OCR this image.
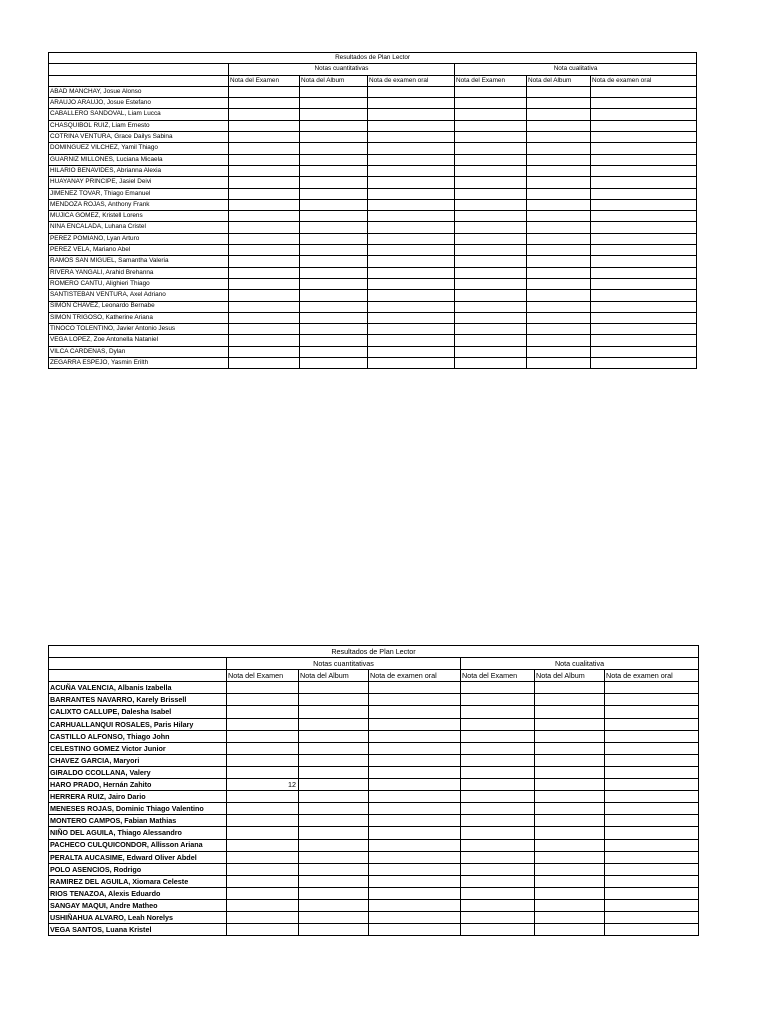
Resultados de Plan Lector						
	Notas cuantitativas			Nota cualitativa		
	Nota del Examen	Nota del Album	Nota de examen oral	Nota del Examen	Nota del Album	Nota de examen oral
ABAD MANCHAY, Josue Alonso						
ARAUJO ARAUJO, Josue Estefano						
CABALLERO SANDOVAL, Liam Lucca						
CHASQUIBOL RUIZ, Liam Ernesto						
COTRINA VENTURA, Grace Dailys Sabina						
DOMINGUEZ VILCHEZ, Yamil Thiago						
GUARNIZ MILLONES, Luciana Micaela						
HILARIO BENAVIDES, Abrianna Alexia						
HUAYANAY PRINCIPE, Jasiel Deivi						
JIMENEZ TOVAR, Thiago Emanuel						
MENDOZA ROJAS, Anthony Frank						
MUJICA GOMEZ, Kristell Lorens						
NINA ENCALADA, Luhana Cristel						
PEREZ POMIANO, Lyan Arturo						
PEREZ VELA, Mariano Abel						
RAMOS SAN MIGUEL, Samantha Valeria						
RIVERA YANGALI, Arahid Brehanna						
ROMERO CANTU, Alighieri Thiago						
SANTISTEBAN VENTURA, Axel Adriano						
SIMON CHAVEZ, Leonardo Bernabe						
SIMON TRIGOSO, Katherine Ariana						
TINOCO TOLENTINO, Javier Antonio Jesus						
VEGA LOPEZ, Zoe Antonella Nataniel						
VILCA CARDENAS, Dylan						
ZEGARRA ESPEJO, Yasmin Erilth						
Resultados de Plan Lector						
	Notas cuantitativas			Nota cualitativa		
	Nota del Examen	Nota del Album	Nota de examen oral	Nota del Examen	Nota del Album	Nota de examen oral
ACUÑA VALENCIA, Albanis Izabella						
BARRANTES NAVARRO, Karely Brissell						
CALIXTO CALLUPE, Dalesha Isabel						
CARHUALLANQUI ROSALES, Paris Hilary						
CASTILLO ALFONSO, Thiago John						
CELESTINO GOMEZ Victor Junior						
CHAVEZ GARCIA, Maryori						
GIRALDO CCOLLANA, Valery						
HARO PRADO, Hernán Zahito	12					
HERRERA RUIZ, Jairo Dario						
MENESES ROJAS, Dominic Thiago Valentino						
MONTERO CAMPOS, Fabian Mathias						
NIÑO DEL AGUILA, Thiago Alessandro						
PACHECO CULQUICONDOR, Allisson Ariana						
PERALTA AUCASIME, Edward Oliver Abdel						
POLO ASENCIOS, Rodrigo						
RAMIREZ DEL AGUILA, Xiomara Celeste						
RIOS TENAZOA, Alexis Eduardo						
SANGAY MAQUI, Andre Matheo						
USHIÑAHUA ALVARO, Leah Norelys						
VEGA SANTOS, Luana Kristel						
